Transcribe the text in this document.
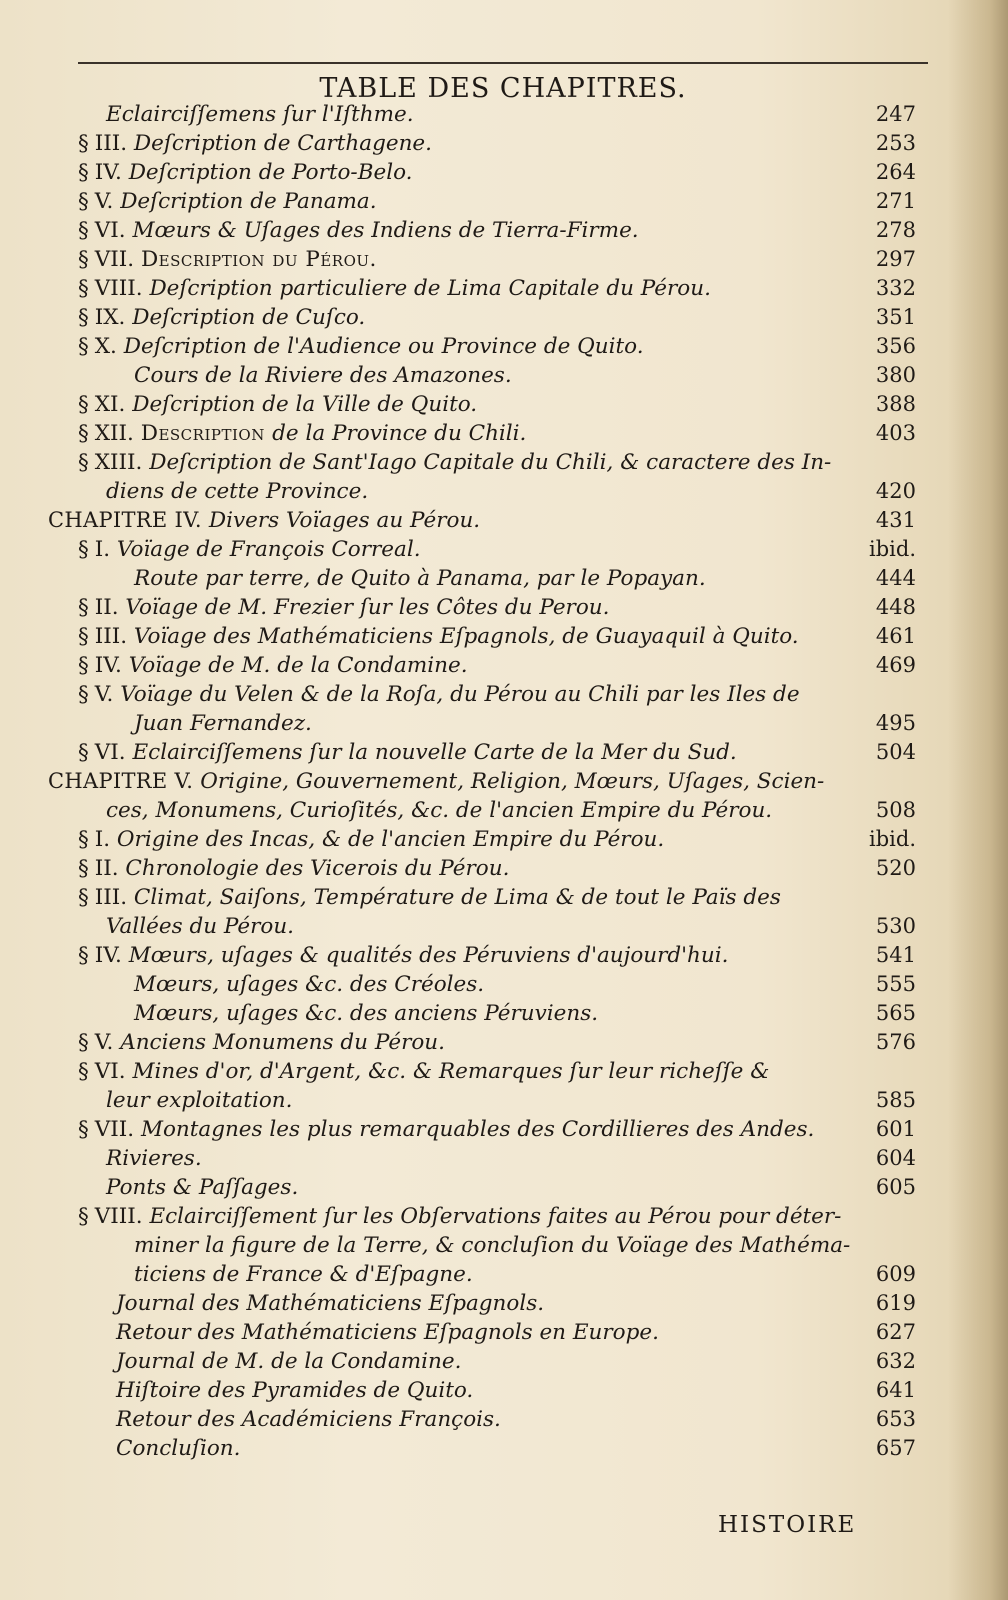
TABLE DES CHAPITRES.
Eclairciſſemens ſur l'Iſthme.	247
§ III. Deſcription de Carthagene.	253
§ IV. Deſcription de Porto-Belo.	264
§ V. Deſcription de Panama.	271
§ VI. Mœurs & Uſages des Indiens de Tierra-Firme.	278
§ VII. Description du Pérou.	297
§ VIII. Deſcription particuliere de Lima Capitale du Pérou.	332
§ IX. Deſcription de Cuſco.	351
§ X. Deſcription de l'Audience ou Province de Quito.	356
Cours de la Riviere des Amazones.	380
§ XI. Deſcription de la Ville de Quito.	388
§ XII. Description de la Province du Chili.	403
§ XIII. Deſcription de Sant'Iago Capitale du Chili, & caractere des In-
diens de cette Province.	420
CHAPITRE IV. Divers Voïages au Pérou.	431
§ I. Voïage de François Correal.	ibid.
Route par terre, de Quito à Panama, par le Popayan.	444
§ II. Voïage de M. Frezier ſur les Côtes du Perou.	448
§ III. Voïage des Mathématiciens Eſpagnols, de Guayaquil à Quito.	461
§ IV. Voïage de M. de la Condamine.	469
§ V. Voïage du Velen & de la Roſa, du Pérou au Chili par les Iles de
Juan Fernandez.	495
§ VI. Eclairciſſemens ſur la nouvelle Carte de la Mer du Sud.	504
CHAPITRE V. Origine, Gouvernement, Religion, Mœurs, Uſages, Scien-
ces, Monumens, Curioſités, &c. de l'ancien Empire du Pérou.	508
§ I. Origine des Incas, & de l'ancien Empire du Pérou.	ibid.
§ II. Chronologie des Vicerois du Pérou.	520
§ III. Climat, Saiſons, Température de Lima & de tout le Païs des
Vallées du Pérou.	530
§ IV. Mœurs, uſages & qualités des Péruviens d'aujourd'hui.	541
Mœurs, uſages &c. des Créoles.	555
Mœurs, uſages &c. des anciens Péruviens.	565
§ V. Anciens Monumens du Pérou.	576
§ VI. Mines d'or, d'Argent, &c. & Remarques ſur leur richeſſe &
leur exploitation.	585
§ VII. Montagnes les plus remarquables des Cordillieres des Andes.	601
Rivieres.	604
Ponts & Paſſages.	605
§ VIII. Eclairciſſement ſur les Obſervations faites au Pérou pour déter-
miner la figure de la Terre, & concluſion du Voïage des Mathéma-
ticiens de France & d'Eſpagne.	609
Journal des Mathématiciens Eſpagnols.	619
Retour des Mathématiciens Eſpagnols en Europe.	627
Journal de M. de la Condamine.	632
Hiſtoire des Pyramides de Quito.	641
Retour des Académiciens François.	653
Concluſion.	657
HISTOIRE
